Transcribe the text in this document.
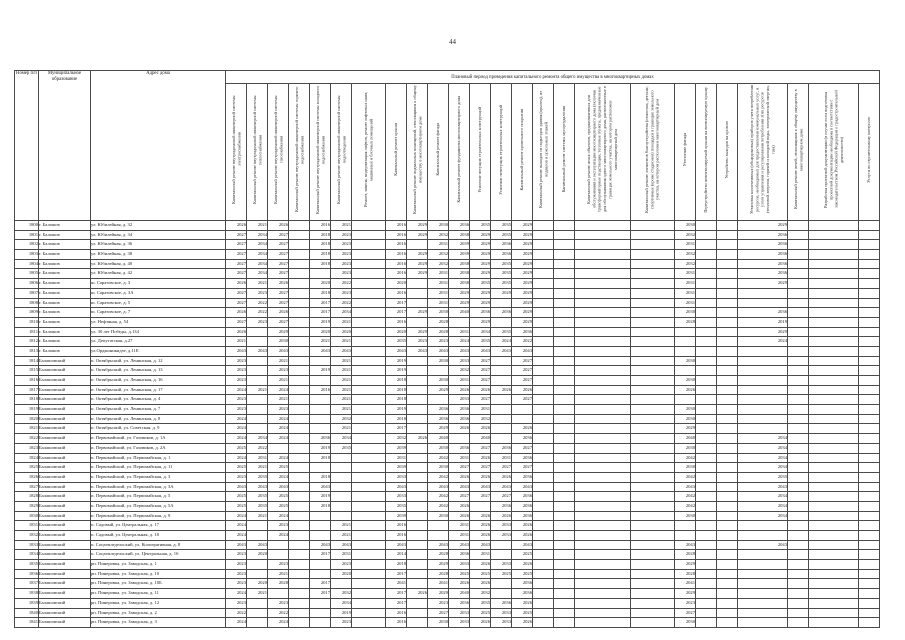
44
Номер п/п	Муниципальное образование	Адрес дома	Плановый период проведения капитального ремонта общего имущества в многоквартирных домах																								
Капитальный ремонт внутридомовой инженерной системы электроснабжения	Капитальный ремонт внутридомовой инженерной системы теплоснабжения	Капитальный ремонт внутридомовой инженерной системы газоснабжения	Капитальный ремонт внутридомовой инженерной системы горячего водоснабжения	Капитальный ремонт внутридомовой инженерной системы холодного водоснабжения	Капитальный ремонт внутридомовой инженерной системы водоотведения	Ремонт, замена, модернизация лифтов, ремонт лифтовых шахт, машинных и блочных помещений	Капитальный ремонт крыши	Капитальный ремонт подвальных помещений, относящихся к общему имуществу в многоквартирном доме	Капитальный ремонт фасада	Капитальный ремонт фундамента многоквартирного дома	Усиление несущих строительных конструкций	Усиление ненесущих строительных конструкций	Капитальный ремонт кровельного покрытия	Капитальный ремонт выходов из подъездов здания (крылец), из подвалов и цокольных этажей	Капитальный ремонт системы мусороудаления	Капитальный ремонт иных объектов, предназначенных для обслуживания и эксплуатации многоквартирного дома (включая трансформаторные подстанции, тепловые пункты, предназначенные для обслуживания одного многоквартирного дома, расположенные в границах земельного участка, на котором расположен многоквартирный дом	Капитальный ремонт элементов благоустройства (отмостки, детские, спортивные (кроме стадионов) площадки в границах земельного участка, на котором расположен многоквартирный дом	Утепление фасада	Переустройство невентилируемой крыши на вентилируемую крышу	Устройство выходов на кровлю	Установка коллективных (общедомовых) приборов учета потребления ресурсов, необходимых для предоставления коммунальных услуг, и узлов управления и регулирования потребления этих ресурсов (тепловой энергии, горячей и холодной воды, электрической энергии, газа)	Капитальный ремонт печей, относящихся к общему имуществу в многоквартирном доме	Разработка проектной документации (в случае если подготовка проектной документации необходима в соответствии с законодательством Российской Федерации о градостроительной деятельности)	Услуги по строительному контролю
1800	г. Балашов	ул. Юбилейная, д. 32	2026	2021	2026		2016	2021		2016	2029	2030	2036	2035	2035	2029					2030			2029			
1801	г. Балашов	ул. Юбилейная, д. 34	2027	2034	2027		2018	2023		2016	2029	2032	2038	2029	2035	2029					2032			2036			
1802	г. Балашов	ул. Юбилейная, д. 36	2027	2034	2027		2018	2023		2016		2031	2039	2029	2036	2029					2031			2036			
1803	г. Балашов	ул. Юбилейная, д. 38	2027	2034	2027		2018	2023		2016	2029	2032	2039	2029	2036	2029					2032			2036			
1804	г. Балашов	ул. Юбилейная, д. 40	2027	2034	2027		2018	2023		2016	2029	2032	2038	2029	2035	2029					2032			2036			
1805	г. Балашов	ул. Юбилейная, д. 42	2027	2034	2027			2023		2016	2029	2031	2038	2029	2035	2029					2031			2036			
1806	г. Балашов	ш. Саратовское, д. 3	2026	2021	2026		2020	2022		2020		2031	2038	2035	2035	2029					2031			2029			
1807	г. Балашов	ш. Саратовское, д. 3А	2027	2023	2027		2018	2023		2016		2031	2029	2029	2029	2029					2031						
1808	г. Балашов	ш. Саратовское, д. 5	2027	2022	2027		2017	2022		2017		2031	2029	2029		2029					2031						
1809	г. Балашов	ш. Саратовское, д. 7	2026	2022	2026		2017	2034		2017	2029	2030	2040	2036	2036	2029					2030			2036			
1810	г. Балашов	ул. Нефтяная, д. 54	2027	2023	2027		2019	2021		2016		2028		2029		2029					2028			2019			
1811	г. Балашов	ул. 30 лет Победы, д.134	2026		2029		2020	2020		2020	2029	2028	2031	2034	2035	2036								2029			
1812	г. Балашов	ул. Депутатская, д.27	2021		2030		2021	2021		2035	2023	2023	2024	2035	2024	2022								2024			
1813	г. Балашов	ул.Орджоникидзе, д.11Е	2043	2043	2043		2043	2043		2043	2043	2043	2043	2043	2043	2043											
1814	Балашовский	п. Октябрьский, ул. Ленинская, д. 12	2023		2021			2021		2019		2030	2033	2027		2027					2030						
1815	Балашовский	п. Октябрьский, ул. Ленинская, д. 13	2023		2023		2019	2021		2019			2032	2027		2027											
1816	Балашовский	п. Октябрьский, ул. Ленинская, д. 16	2023		2021			2021		2018		2030	2031	2027		2027					2030						
1817	Балашовский	п. Октябрьский, ул. Ленинская, д. 17	2024	2021	2024		2016	2021		2018		2029	2026	2026	2026	2026					2026						
1818	Балашовский	п. Октябрьский, ул. Ленинская, д. 4	2023		2021			2021		2018			2033	2027		2027											
1819	Балашовский	п. Октябрьский, ул. Ленинская, д. 7	2023		2023			2021		2019		2036	2036	2031							2030						
1820	Балашовский	п. Октябрьский, ул. Ленинская, д. 8	2024		2024			2032		2018		2036	2036	2032							2030						
1821	Балашовский	п. Октябрьский, ул. Советская, д. 9	2024		2024			2021		2017		2029	2026	2026		2026					2029						
1822	Балашовский	п. Первомайский, ул. Газовиков, д. 1А	2024	2034	2024		2036	2034		2032	2026	2040		2040		2036					2040			2034			
1823	Балашовский	п. Первомайский, ул. Газовиков, д. 2А	2025	2022			2019	2035		2039		2030	2036	2027	2036	2027					2030			2034			
1824	Балашовский	п. Первомайский, ул. Первомайская, д. 1	2024	2031	2024		2018			2031		2042	2031	2026	2031	2036					2042			2034			
1825	Балашовский	п. Первомайский, ул. Первомайская, д. 11	2025	2021	2025					2039		2030	2027	2027	2027	2027					2030			2034			
1826	Балашовский	п. Первомайский, ул. Первомайская, д. 3	2023	2035	2024		2018			2033		2042	2026	2026	2026	2036					2042			2035			
1827	Балашовский	п. Первомайский, ул. Первомайская, д. 3А	2043	2043	2043		2043			2043		2043	2043	2043	2043	2043					2043			2043			
1828	Балашовский	п. Первомайский, ул. Первомайская, д. 5	2025	2035	2025		2019			2033		2042	2027	2027	2027	2036					2042			2034			
1829	Балашовский	п. Первомайский, ул. Первомайская, д. 5А	2025	2035	2025		2018			2035		2042	2026		2036	2036					2042			2034			
1830	Балашовский	п. Первомайский, ул. Первомайская, д. 9	2024	2021	2024					2039		2030	2026	2026	2026	2036					2030			2034			
1831	Балашовский	п. Садовый, ул. Центральная, д. 17	2024		2023			2021		2016			2031	2026	2033	2026											
1832	Балашовский	п. Садовый, ул. Центральная, д. 18	2024		2024			2021		2016			2031	2026	2033	2026											
1833	Балашовский	п. Соцземледельский, ул. Кооперативная, д. 8	2043	2043			2043	2043		2043		2043	2043	2043		2043					2043			2043			
1834	Балашовский	п. Соцземледельский, ул. Центральная, д. 16	2023	2020			2017	2031		2014		2028	2036	2031		2025					2028						
1835	Балашовский	рп. Пинеровка, ул. Заводская, д. 1	2023		2023			2023		2018		2029	2033	2026	2033	2026					2029						
1836	Балашовский	рп. Пинеровка, ул. Заводская, д. 10	2023		2021			2020		2017		2028	2025	2025	2025	2025					2028						
1837	Балашовский	рп. Пинеровка, ул. Заводская, д. 10Б	2023	2020	2028		2017			2041		2041	2026	2026		2036					2041						
1838	Балашовский	рп. Пинеровка, ул. Заводская, д. 11	2024	2021			2017	2032		2017	2026	2029	2040	2032		2036					2029						
1839	Балашовский	рп. Пинеровка, ул. Заводская, д. 12	2023		2023			2034		2017		2023	2036	2035	2036	2026					2023						
1840	Балашовский	рп. Пинеровка, ул. Заводская, д. 2	2022		2022			2019		2016		2027	2033	2025	2033	2025					2027						
1841	Балашовский	рп. Пинеровка, ул. Заводская, д. 3	2024		2024			2023		2016		2030	2033	2026	2033	2026					2030						
